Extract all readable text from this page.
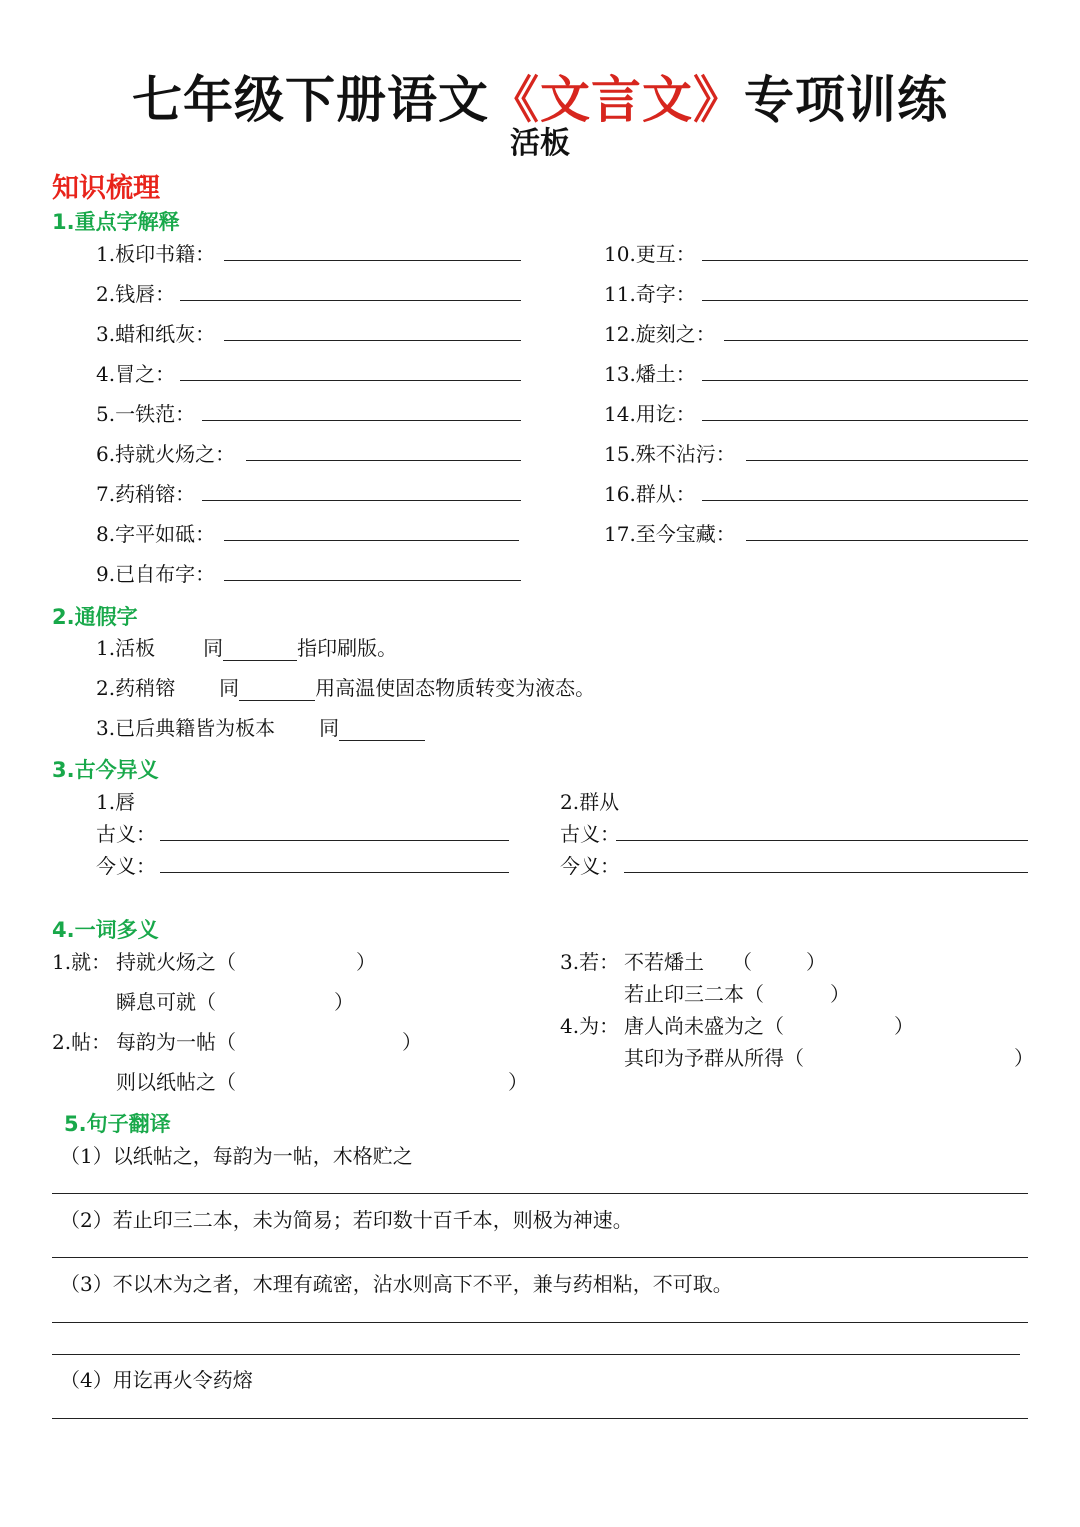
七年级下册语文《文言文》专项训练
活板
知识梳理
1.重点字解释
1.板印书籍：
2.钱唇：
3.蜡和纸灰：
4.冒之：
5.一铁范：
6.持就火炀之：
7.药稍镕：
8.字平如砥：
9.已自布字：
10.更互：
11.奇字：
12.旋刻之：
13.燔土：
14.用讫：
15.殊不沾污：
16.群从：
17.至今宝藏：
2.通假字
1.活板 同	指印刷版。
2.药稍镕 同	用高温使固态物质转变为液态。
3.已后典籍皆为板本 同
3.古今异义
1.唇
古义：
今义：
2.群从
古义：
今义：
4.一词多义
1.就： 持就火炀之（	）
瞬息可就（	）
2.帖： 每韵为一帖（	）
则以纸帖之（	）
3.若： 不若燔土 （	）
若止印三二本（	）
4.为： 唐人尚未盛为之（	）
其印为予群从所得（	）
5.句子翻译
（1）以纸帖之，每韵为一帖，木格贮之
（2）若止印三二本，未为简易；若印数十百千本，则极为神速。
（3）不以木为之者，木理有疏密，沾水则高下不平，兼与药相粘，不可取。
（4）用讫再火令药熔
